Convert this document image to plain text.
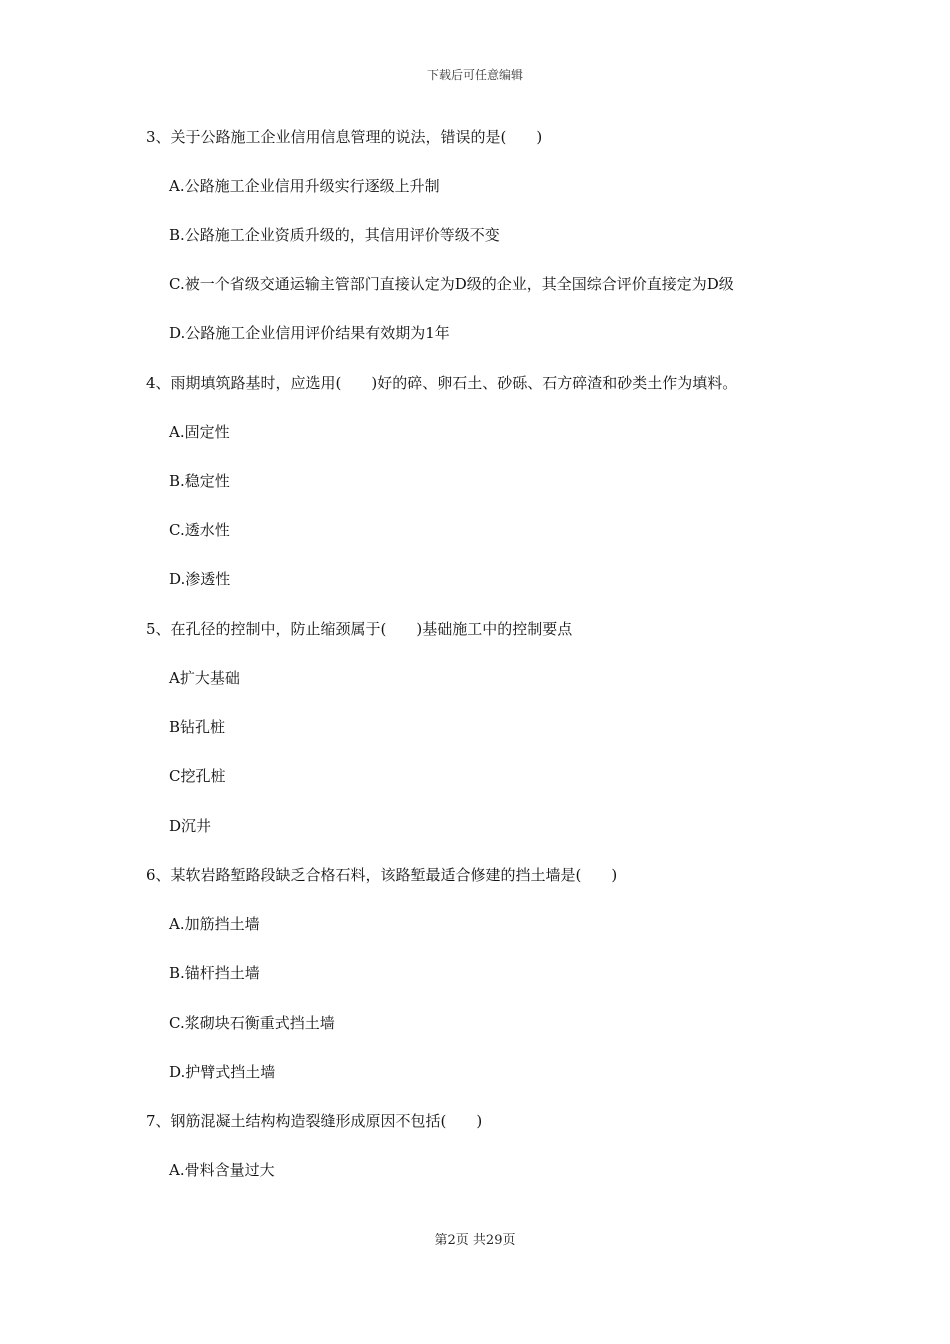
下载后可任意编辑
3、关于公路施工企业信用信息管理的说法，错误的是(　　)
A.公路施工企业信用升级实行逐级上升制
B.公路施工企业资质升级的，其信用评价等级不变
C.被一个省级交通运输主管部门直接认定为D级的企业，其全国综合评价直接定为D级
D.公路施工企业信用评价结果有效期为1年
4、雨期填筑路基时，应选用(　　)好的碎、卵石土、砂砾、石方碎渣和砂类土作为填料。
A.固定性
B.稳定性
C.透水性
D.渗透性
5、在孔径的控制中，防止缩颈属于(　　)基础施工中的控制要点
A扩大基础
B钻孔桩
C挖孔桩
D沉井
6、某软岩路堑路段缺乏合格石料，该路堑最适合修建的挡土墙是(　　)
A.加筋挡土墙
B.锚杆挡土墙
C.浆砌块石衡重式挡土墙
D.护臂式挡土墙
7、钢筋混凝土结构构造裂缝形成原因不包括(　　)
A.骨料含量过大
第2页 共29页
